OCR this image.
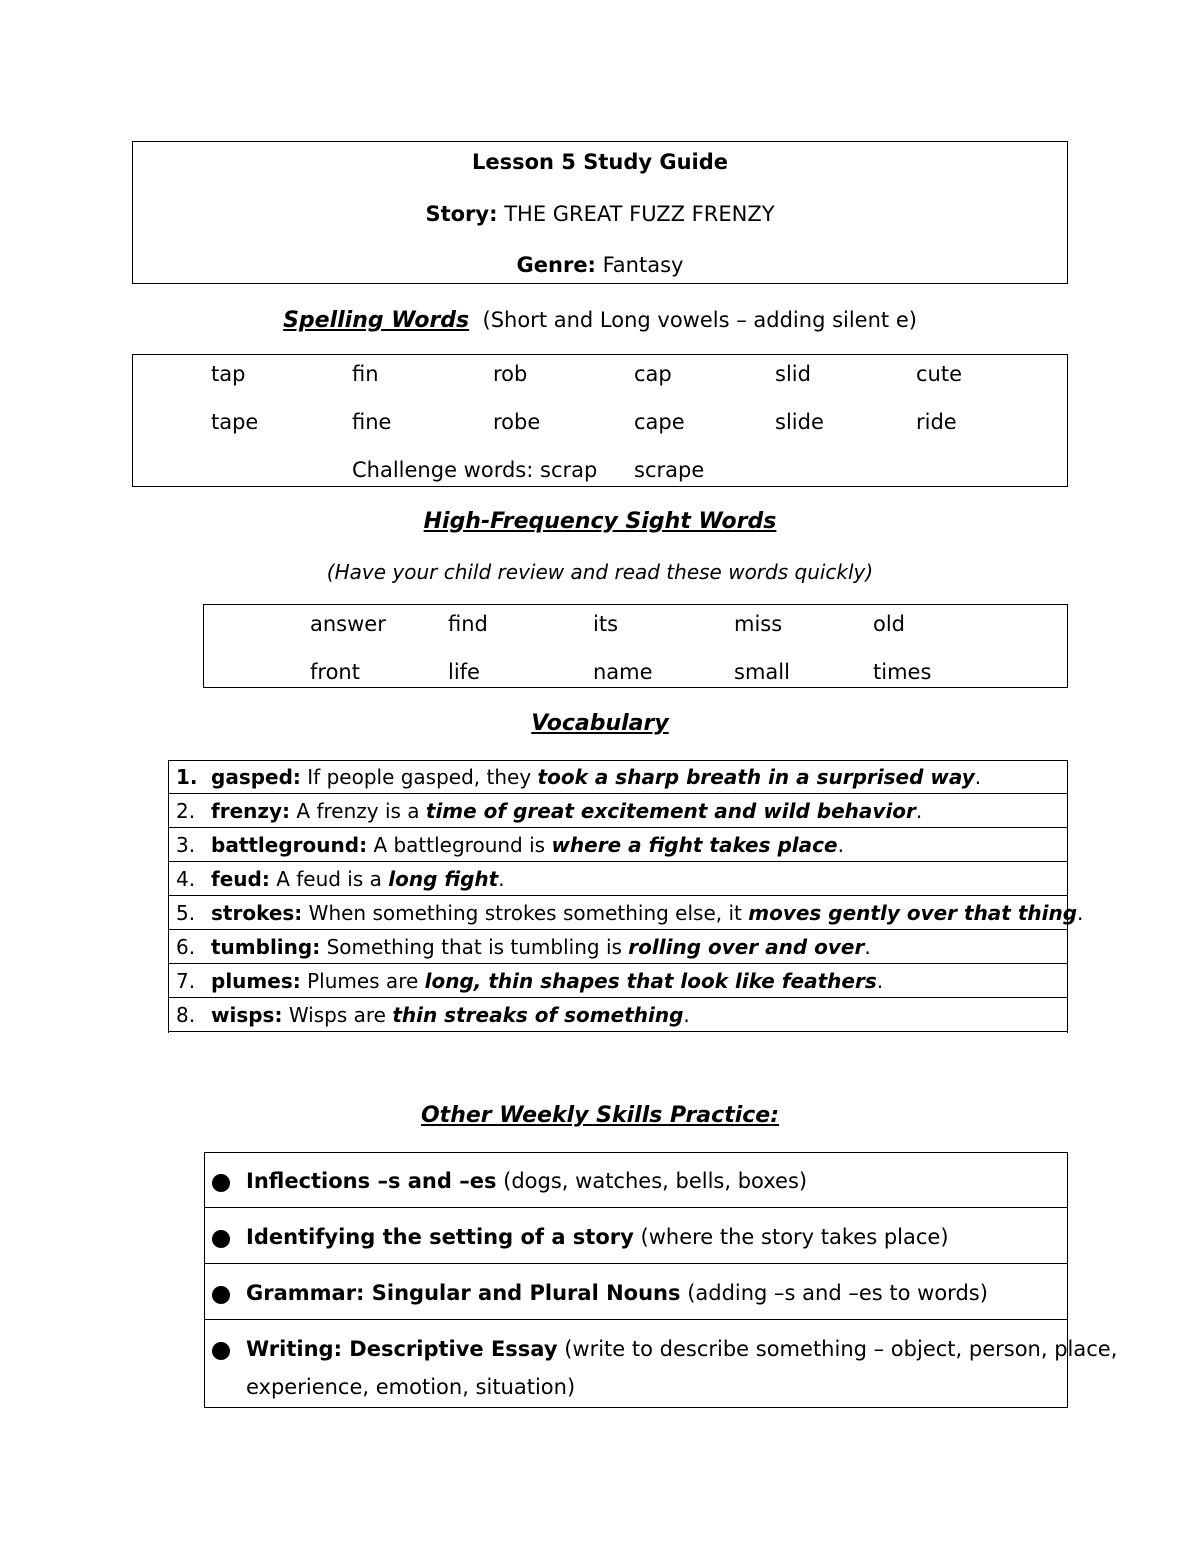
Lesson 5 Study Guide
Story: THE GREAT FUZZ FRENZY
Genre: Fantasy
Spelling Words (Short and Long vowels – adding silent e)
tap	fin	rob	cap	slid	cute
tape	fine	robe	cape	slide	ride
Challenge words: scrap scrape
High-Frequency Sight Words
(Have your child review and read these words quickly)
answer	find	its	miss	old
front	life	name	small	times
Vocabulary
1. gasped: If people gasped, they took a sharp breath in a surprised way.
2. frenzy: A frenzy is a time of great excitement and wild behavior.
3. battleground: A battleground is where a fight takes place.
4. feud: A feud is a long fight.
5. strokes: When something strokes something else, it moves gently over that thing.
6. tumbling: Something that is tumbling is rolling over and over.
7. plumes: Plumes are long, thin shapes that look like feathers.
8. wisps: Wisps are thin streaks of something.
Other Weekly Skills Practice:
Inflections –s and –es (dogs, watches, bells, boxes)
Identifying the setting of a story (where the story takes place)
Grammar: Singular and Plural Nouns (adding –s and –es to words)
Writing: Descriptive Essay (write to describe something – object, person, place,
experience, emotion, situation)
